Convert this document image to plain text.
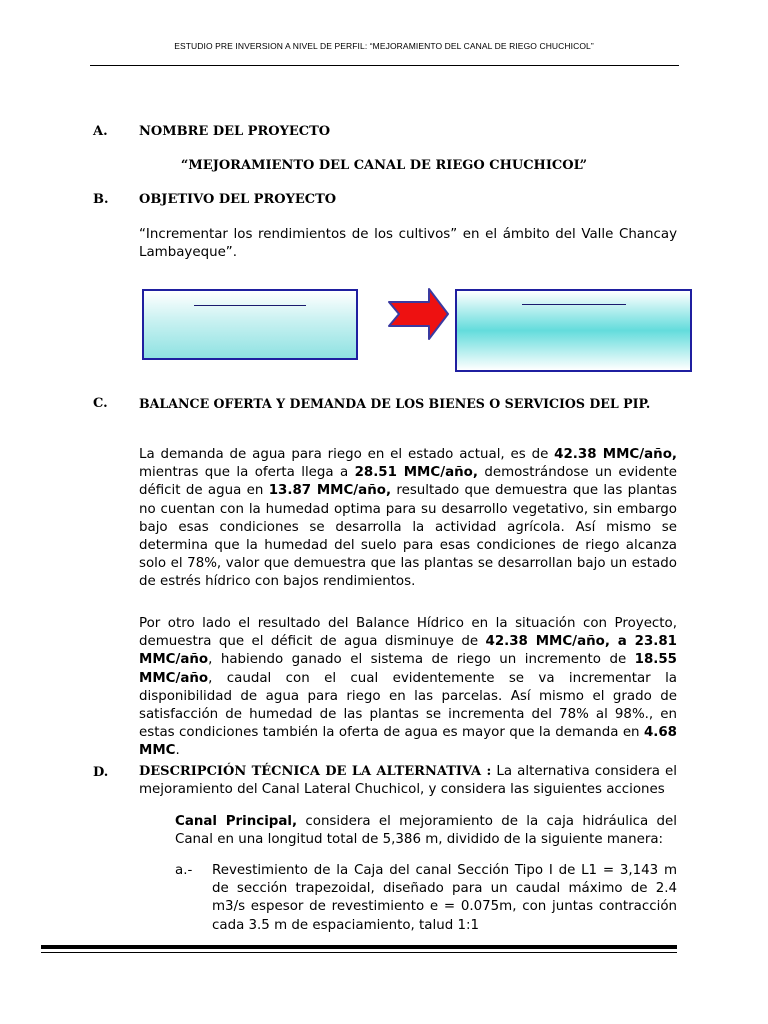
ESTUDIO PRE INVERSION A NIVEL DE PERFIL: “MEJORAMIENTO DEL CANAL DE RIEGO CHUCHICOL”
A. NOMBRE DEL PROYECTO
“MEJORAMIENTO DEL CANAL DE RIEGO CHUCHICOL”
B. OBJETIVO DEL PROYECTO
“Incrementar los rendimientos de los cultivos” en el ámbito del Valle Chancay Lambayeque”.
C. BALANCE OFERTA Y DEMANDA DE LOS BIENES O SERVICIOS DEL PIP.
La demanda de agua para riego en el estado actual, es de 42.38 MMC/año, mientras que la oferta llega a 28.51 MMC/año, demostrándose un evidente déficit de agua en 13.87 MMC/año, resultado que demuestra que las plantas no cuentan con la humedad optima para su desarrollo vegetativo, sin embargo bajo esas condiciones se desarrolla la actividad agrícola. Así mismo se determina que la humedad del suelo para esas condiciones de riego alcanza solo el 78%, valor que demuestra que las plantas se desarrollan bajo un estado de estrés hídrico con bajos rendimientos.
Por otro lado el resultado del Balance Hídrico en la situación con Proyecto, demuestra que el déficit de agua disminuye de 42.38 MMC/año, a 23.81 MMC/año, habiendo ganado el sistema de riego un incremento de 18.55 MMC/año, caudal con el cual evidentemente se va incrementar la disponibilidad de agua para riego en las parcelas. Así mismo el grado de satisfacción de humedad de las plantas se incrementa del 78% al 98%., en estas condiciones también la oferta de agua es mayor que la demanda en 4.68 MMC.
D. DESCRIPCIÓN TÉCNICA DE LA ALTERNATIVA : La alternativa considera el mejoramiento del Canal Lateral Chuchicol, y considera las siguientes acciones
Canal Principal, considera el mejoramiento de la caja hidráulica del Canal en una longitud total de 5,386 m, dividido de la siguiente manera:
a.-	Revestimiento de la Caja del canal Sección Tipo I de L1 = 3,143 m de sección trapezoidal, diseñado para un caudal máximo de 2.4 m3/s espesor de revestimiento e = 0.075m, con juntas contracción cada 3.5 m de espaciamiento, talud 1:1
